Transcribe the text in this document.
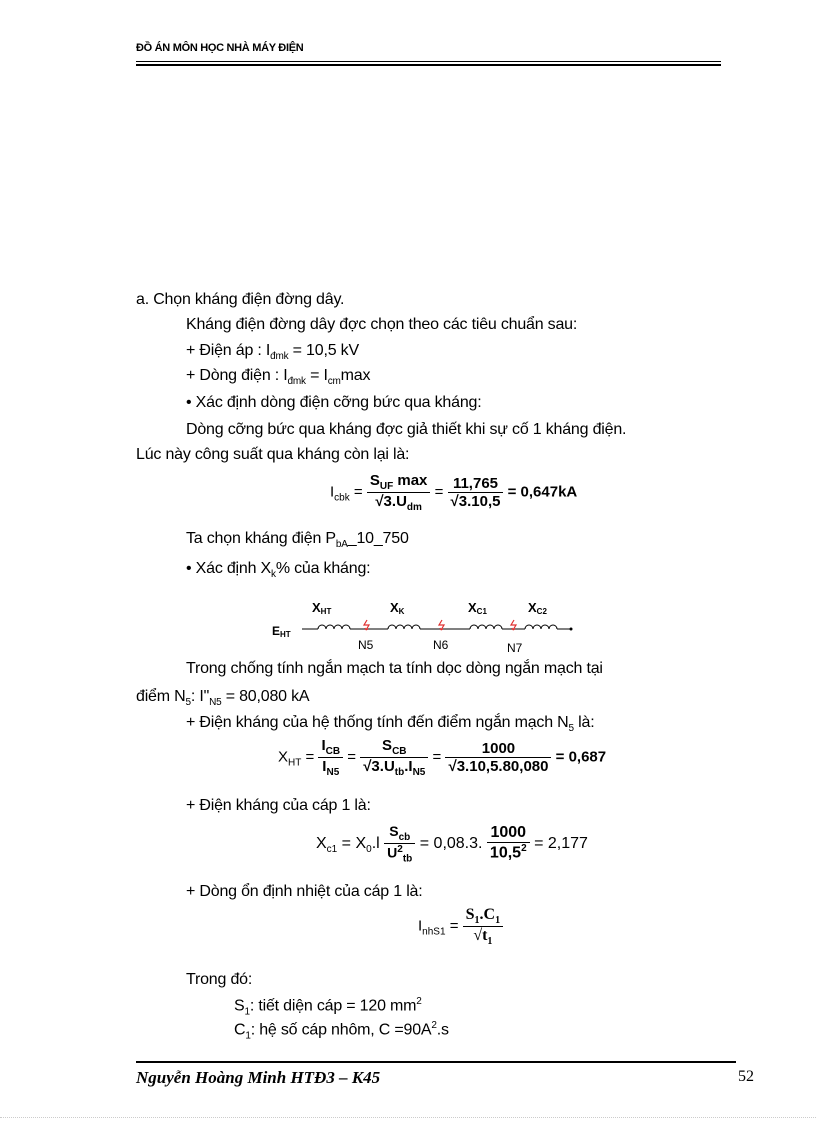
ĐỒ ÁN MÔN HỌC NHÀ MÁY ĐIỆN
a. Chọn kháng điện đờng dây.
Kháng điện đờng dây đợc chọn theo các tiêu chuẩn sau:
+ Điện áp : $I_{đmk} = 10,5$ kV
+ Dòng điện : $I_{đmk} = I_{cm}\max$
• Xác định dòng điện cỡng bức qua kháng:
Dòng cỡng bức qua kháng đợc giả thiết khi sự cố 1 kháng điện.
Lúc này công suất qua kháng còn lại là:
$I_{cbk} = \frac{S_{UF} \max}{√3.U_{dm}} = \frac{11,765}{√3.10,5} = 0,647kA$
Ta chọn kháng điện $P_{bA}\_10\_750$
• Xác định $X_k\%$ của kháng:
XHT	XK	XC1	XC2
EHT
N5	N6	N7
Trong chống tính ngắn mạch ta tính dọc dòng ngắn mạch tại
điểm $N_5$: $I"_{N5} = 80,080$ kA
+ Điện kháng của hệ thống tính đến điểm ngắn mạch $N_5$ là:
$X_{HT} = \frac{I_{CB}}{I_{N5}} = \frac{S_{CB}}{√3.U_{tb}.I_{N5}} = \frac{1000}{√3.10,5.80,080} = 0,687$
+ Điện kháng của cáp 1 là:
$X_{c1} = X_0.l \frac{S_{cb}}{U^2_{tb}} = 0,08.3$. $\frac{1000}{10,5^2} = 2,177$
+ Dòng ổn định nhiệt của cáp 1 là:
$I_{nhS1} = \frac{S_1.C_1}{√t_1}$
Trong đó:
$S_1$: tiết diện cáp = 120 $mm^2$
$C_1$: hệ số cáp nhôm, $C =90A^2.s$
Nguyễn Hoàng Minh HTĐ3 – K45	52
